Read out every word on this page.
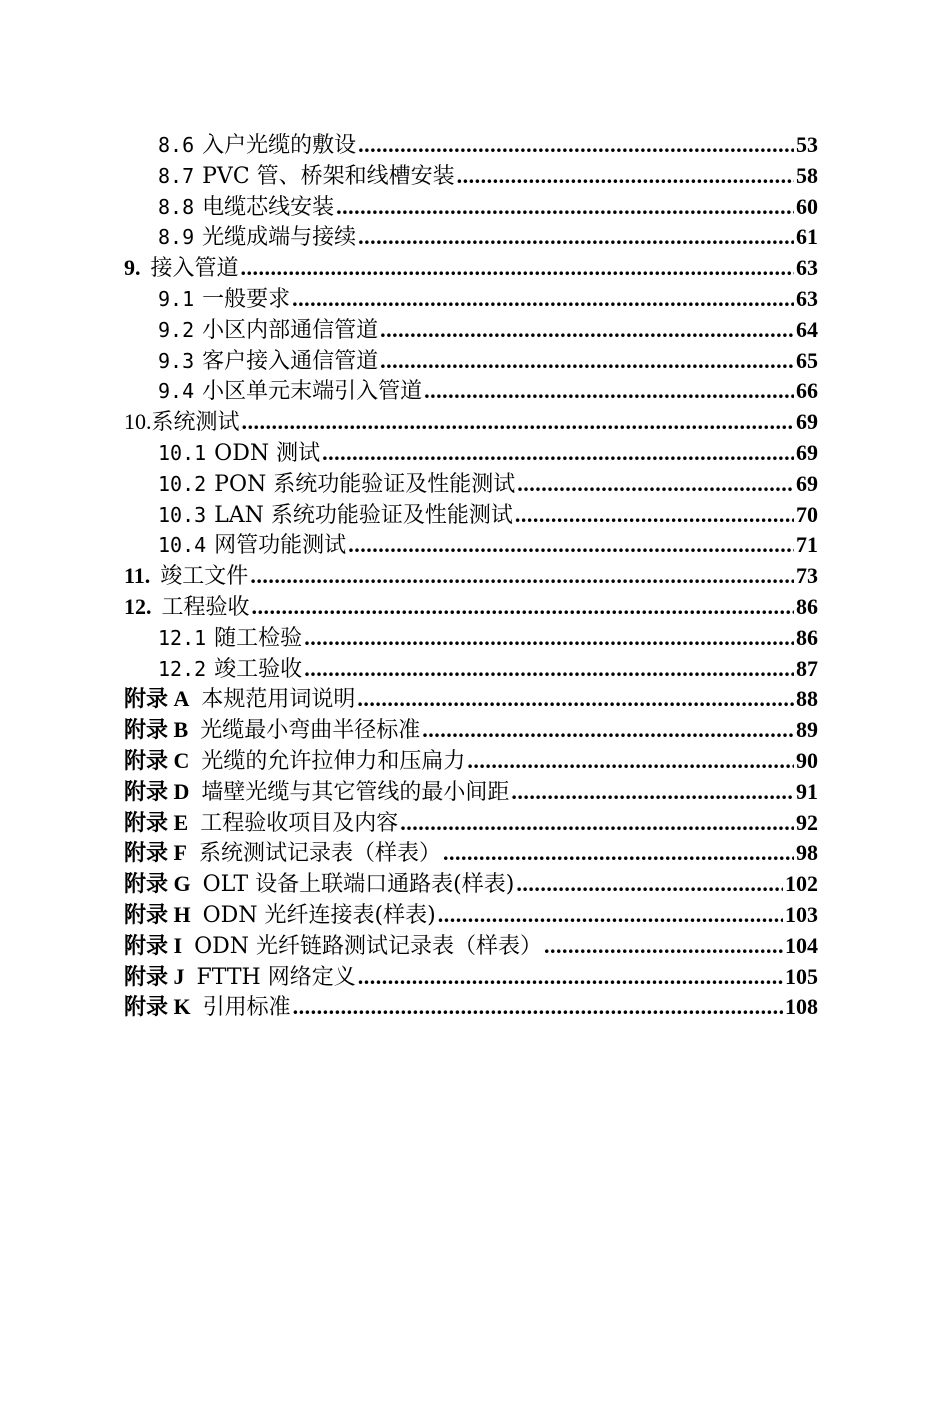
8.6 入户光缆的敷设 .....	53
8.7 PVC 管、桥架和线槽安装 .....	58
8.8 电缆芯线安装 .....	60
8.9 光缆成端与接续 .....	61
9. 接入管道 .....	63
9.1 一般要求 .....	63
9.2 小区内部通信管道 .....	64
9.3 客户接入通信管道 .....	65
9.4 小区单元末端引入管道 .....	66
10. 系统测试 .....	69
10.1 ODN 测试 .....	69
10.2 PON 系统功能验证及性能测试 .....	69
10.3 LAN 系统功能验证及性能测试 .....	70
10.4 网管功能测试 .....	71
11. 竣工文件 .....	73
12. 工程验收 .....	86
12.1 随工检验 .....	86
12.2 竣工验收 .....	87
附录 A 本规范用词说明 .....	88
附录 B 光缆最小弯曲半径标准 .....	89
附录 C 光缆的允许拉伸力和压扁力 .....	90
附录 D 墙壁光缆与其它管线的最小间距 .....	91
附录 E 工程验收项目及内容 .....	92
附录 F 系统测试记录表（样表） .....	98
附录 G OLT 设备上联端口通路表(样表) .....	102
附录 H ODN 光纤连接表(样表) .....	103
附录 I ODN 光纤链路测试记录表（样表） .....	104
附录 J FTTH 网络定义 .....	105
附录 K 引用标准 .....	108
